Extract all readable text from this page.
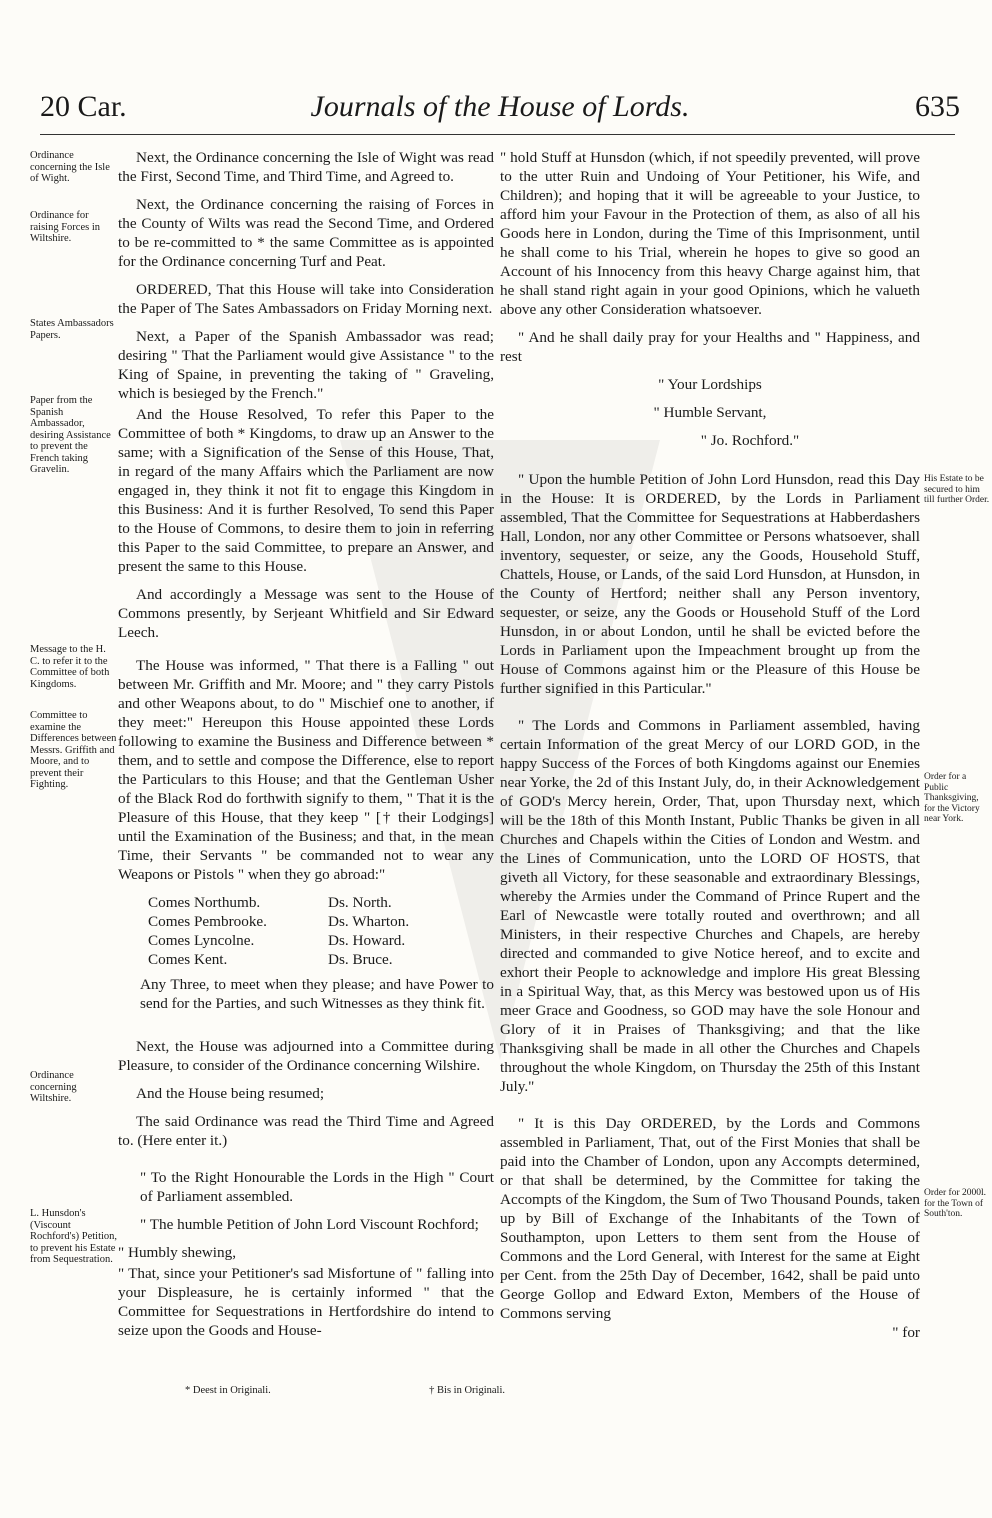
20 Car.	Journals of the House of Lords.	635
Ordinance concerning the Isle of Wight.
Ordinance for raising Forces in Wiltshire.
States Ambassadors Papers.
Paper from the Spanish Ambassador, desiring Assistance to prevent the French taking Gravelin.
Message to the H. C. to refer it to the Committee of both Kingdoms.
Committee to examine the Differences between Messrs. Griffith and Moore, and to prevent their Fighting.
Ordinance concerning Wiltshire.
L. Hunsdon's (Viscount Rochford's) Petition, to prevent his Estate from Sequestration.
His Estate to be secured to him till further Order.
Order for a Public Thanksgiving, for the Victory near York.
Order for 2000l. for the Town of South'ton.

Next, the Ordinance concerning the Isle of Wight was read the First, Second Time, and Third Time, and Agreed to.

Next, the Ordinance concerning the raising of Forces in the County of Wilts was read the Second Time, and Ordered to be re-committed to * the same Committee as is appointed for the Ordinance concerning Turf and Peat.

ORDERED, That this House will take into Consideration the Paper of The Sates Ambassadors on Friday Morning next.

Next, a Paper of the Spanish Ambassador was read; desiring " That the Parliament would give Assistance " to the King of Spaine, in preventing the taking of " Graveling, which is besieged by the French."

And the House Resolved, To refer this Paper to the Committee of both * Kingdoms, to draw up an Answer to the same; with a Signification of the Sense of this House, That, in regard of the many Affairs which the Parliament are now engaged in, they think it not fit to engage this Kingdom in this Business: And it is further Resolved, To send this Paper to the House of Commons, to desire them to join in referring this Paper to the said Committee, to prepare an Answer, and present the same to this House.

And accordingly a Message was sent to the House of Commons presently, by Serjeant Whitfield and Sir Edward Leech.

The House was informed, " That there is a Falling " out between Mr. Griffith and Mr. Moore; and " they carry Pistols and other Weapons about, to do " Mischief one to another, if they meet:" Hereupon this House appointed these Lords following to examine the Business and Difference between * them, and to settle and compose the Difference, else to report the Particulars to this House; and that the Gentleman Usher of the Black Rod do forthwith signify to them, " That it is the Pleasure of this House, that they keep " [† their Lodgings] until the Examination of the Business; and that, in the mean Time, their Servants " be commanded not to wear any Weapons or Pistols " when they go abroad:"

Comes Northumb.	Ds. North.
Comes Pembrooke.	Ds. Wharton.
Comes Lyncolne.	Ds. Howard.
Comes Kent.	Ds. Bruce.

Any Three, to meet when they please; and have Power to send for the Parties, and such Witnesses as they think fit.

Next, the House was adjourned into a Committee during Pleasure, to consider of the Ordinance concerning Wilshire.

And the House being resumed;

The said Ordinance was read the Third Time and Agreed to. (Here enter it.)

" To the Right Honourable the Lords in the High " Court of Parliament assembled.

" The humble Petition of John Lord Viscount Rochford;

" Humbly shewing,

" That, since your Petitioner's sad Misfortune of " falling into your Displeasure, he is certainly informed " that the Committee for Sequestrations in Hertfordshire do intend to seize upon the Goods and House-

" hold Stuff at Hunsdon (which, if not speedily prevented, will prove to the utter Ruin and Undoing of Your Petitioner, his Wife, and Children); and hoping that it will be agreeable to your Justice, to afford him your Favour in the Protection of them, as also of all his Goods here in London, during the Time of this Imprisonment, until he shall come to his Trial, wherein he hopes to give so good an Account of his Innocency from this heavy Charge against him, that he shall stand right again in your good Opinions, which he valueth above any other Consideration whatsoever.

" And he shall daily pray for your Healths and " Happiness, and rest

" Your Lordships

" Humble Servant,

" Jo. Rochford."

" Upon the humble Petition of John Lord Hunsdon, read this Day in the House: It is ORDERED, by the Lords in Parliament assembled, That the Committee for Sequestrations at Habberdashers Hall, London, nor any other Committee or Persons whatsoever, shall inventory, sequester, or seize, any the Goods, Household Stuff, Chattels, House, or Lands, of the said Lord Hunsdon, at Hunsdon, in the County of Hertford; neither shall any Person inventory, sequester, or seize, any the Goods or Household Stuff of the Lord Hunsdon, in or about London, until he shall be evicted before the Lords in Parliament upon the Impeachment brought up from the House of Commons against him or the Pleasure of this House be further signified in this Particular."

" The Lords and Commons in Parliament assembled, having certain Information of the great Mercy of our LORD GOD, in the happy Success of the Forces of both Kingdoms against our Enemies near Yorke, the 2d of this Instant July, do, in their Acknowledgement of GOD's Mercy herein, Order, That, upon Thursday next, which will be the 18th of this Month Instant, Public Thanks be given in all Churches and Chapels within the Cities of London and Westm. and the Lines of Communication, unto the LORD OF HOSTS, that giveth all Victory, for these seasonable and extraordinary Blessings, whereby the Armies under the Command of Prince Rupert and the Earl of Newcastle were totally routed and overthrown; and all Ministers, in their respective Churches and Chapels, are hereby directed and commanded to give Notice hereof, and to excite and exhort their People to acknowledge and implore His great Blessing in a Spiritual Way, that, as this Mercy was bestowed upon us of His meer Grace and Goodness, so GOD may have the sole Honour and Glory of it in Praises of Thanksgiving; and that the like Thanksgiving shall be made in all other the Churches and Chapels throughout the whole Kingdom, on Thursday the 25th of this Instant July."

" It is this Day ORDERED, by the Lords and Commons assembled in Parliament, That, out of the First Monies that shall be paid into the Chamber of London, upon any Accompts determined, or that shall be determined, by the Committee for taking the Accompts of the Kingdom, the Sum of Two Thousand Pounds, taken up by Bill of Exchange of the Inhabitants of the Town of Southampton, upon Letters to them sent from the House of Commons and the Lord General, with Interest for the same at Eight per Cent. from the 25th Day of December, 1642, shall be paid unto George Gollop and Edward Exton, Members of the House of Commons serving

" for

* Deest in Originali.	† Bis in Originali.
